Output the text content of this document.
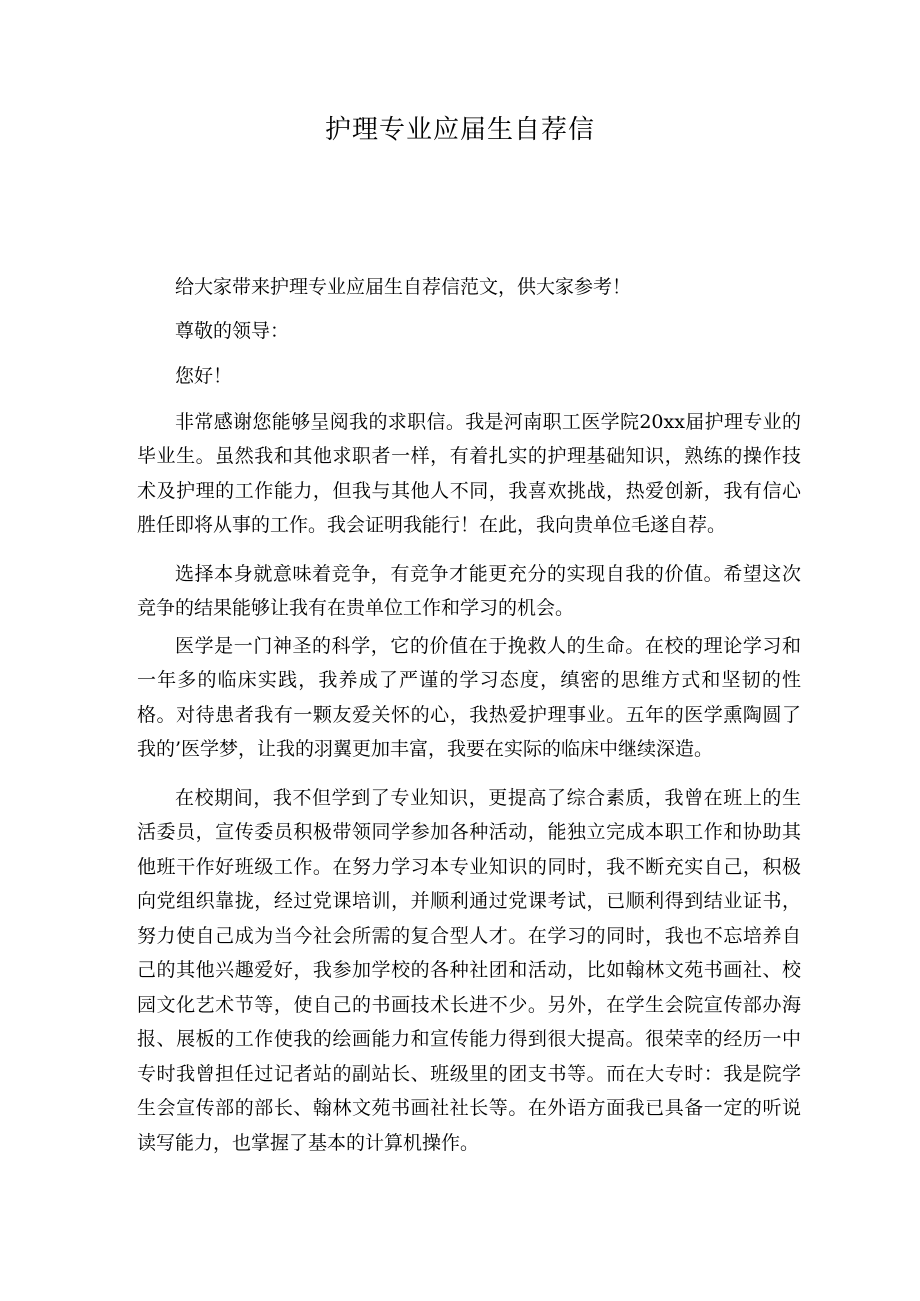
护理专业应届生自荐信

给大家带来护理专业应届生自荐信范文，供大家参考！

尊敬的领导：

您好！

非常感谢您能够呈阅我的求职信。我是河南职工医学院20xx届护理专业的毕业生。虽然我和其他求职者一样，有着扎实的护理基础知识，熟练的操作技术及护理的工作能力，但我与其他人不同，我喜欢挑战，热爱创新，我有信心胜任即将从事的工作。我会证明我能行！在此，我向贵单位毛遂自荐。

选择本身就意味着竞争，有竞争才能更充分的实现自我的价值。希望这次竞争的结果能够让我有在贵单位工作和学习的机会。

医学是一门神圣的科学，它的价值在于挽救人的生命。在校的理论学习和一年多的临床实践，我养成了严谨的学习态度，缜密的思维方式和坚韧的性格。对待患者我有一颗友爱关怀的心，我热爱护理事业。五年的医学熏陶圆了我的’医学梦，让我的羽翼更加丰富，我要在实际的临床中继续深造。

在校期间，我不但学到了专业知识，更提高了综合素质，我曾在班上的生活委员，宣传委员积极带领同学参加各种活动，能独立完成本职工作和协助其他班干作好班级工作。在努力学习本专业知识的同时，我不断充实自己，积极向党组织靠拢，经过党课培训，并顺利通过党课考试，已顺利得到结业证书，努力使自己成为当今社会所需的复合型人才。在学习的同时，我也不忘培养自己的其他兴趣爱好，我参加学校的各种社团和活动，比如翰林文苑书画社、校园文化艺术节等，使自己的书画技术长进不少。另外，在学生会院宣传部办海报、展板的工作使我的绘画能力和宣传能力得到很大提高。很荣幸的经历一中专时我曾担任过记者站的副站长、班级里的团支书等。而在大专时：我是院学生会宣传部的部长、翰林文苑书画社社长等。在外语方面我已具备一定的听说读写能力，也掌握了基本的计算机操作。
